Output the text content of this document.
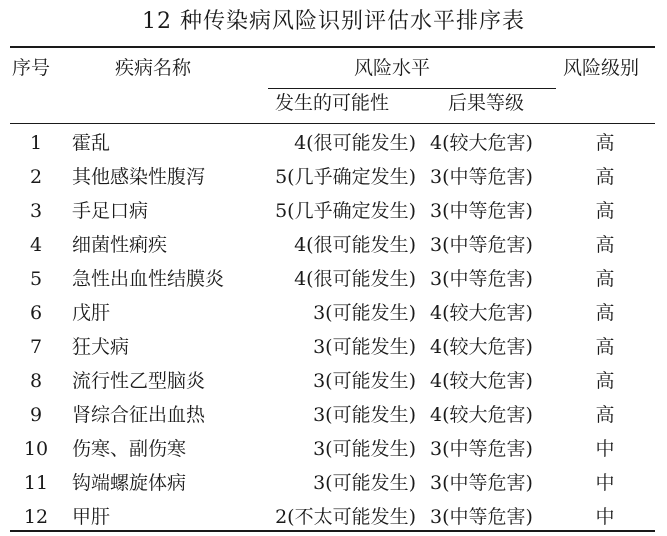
12 种传染病风险识别评估水平排序表
序号	疾病名称	风险水平	风险级别
发生的可能性	后果等级
1	霍乱	4(很可能发生) 4(较大危害)	高
2	其他感染性腹泻	5(几乎确定发生) 3(中等危害)	高
3	手足口病	5(几乎确定发生) 3(中等危害)	高
4	细菌性痢疾	4(很可能发生) 3(中等危害)	高
5	急性出血性结膜炎	4(很可能发生) 3(中等危害)	高
6	戊肝	3(可能发生) 4(较大危害)	高
7	狂犬病	3(可能发生) 4(较大危害)	高
8	流行性乙型脑炎	3(可能发生) 4(较大危害)	高
9	肾综合征出血热	3(可能发生) 4(较大危害)	高
10	伤寒、副伤寒	3(可能发生) 3(中等危害)	中
11	钩端螺旋体病	3(可能发生) 3(中等危害)	中
12	甲肝	2(不太可能发生) 3(中等危害)	中
